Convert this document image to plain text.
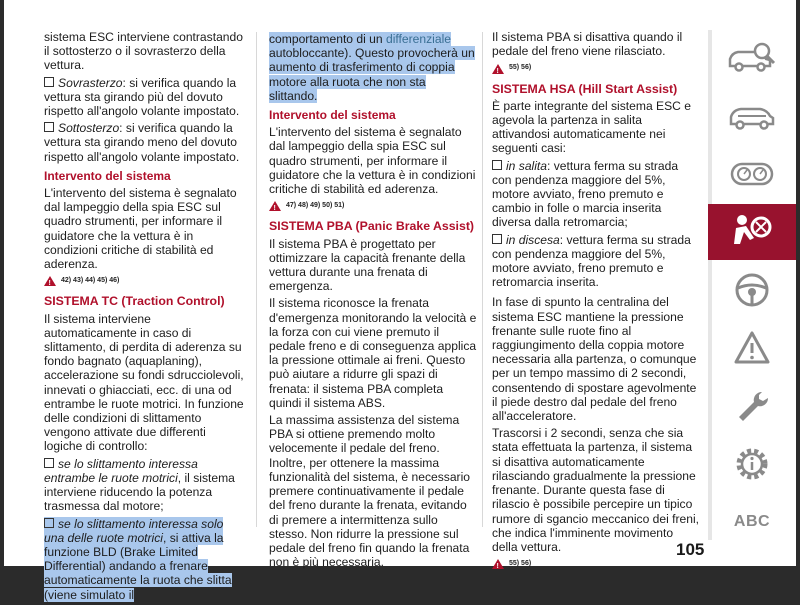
sistema ESC interviene contrastando il sottosterzo o il sovrasterzo della vettura.

Sovrasterzo: si verifica quando la vettura sta girando più del dovuto rispetto all'angolo volante impostato.

Sottosterzo: si verifica quando la vettura sta girando meno del dovuto rispetto all'angolo volante impostato.

Intervento del sistema

L'intervento del sistema è segnalato dal lampeggio della spia ESC sul quadro strumenti, per informare il guidatore che la vettura è in condizioni critiche di stabilità ed aderenza.

!
42) 43) 44) 45) 46)
SISTEMA TC (Traction Control)

Il sistema interviene automaticamente in caso di slittamento, di perdita di aderenza su fondo bagnato (aquaplaning), accelerazione su fondi sdrucciolevoli, innevati o ghiacciati, ecc. di una od entrambe le ruote motrici. In funzione delle condizioni di slittamento vengono attivate due differenti logiche di controllo:

se lo slittamento interessa entrambe le ruote motrici, il sistema interviene riducendo la potenza trasmessa dal motore;

se lo slittamento interessa solo una delle ruote motrici, si attiva la funzione BLD (Brake Limited Differential) andando a frenare automaticamente la ruota che slitta (viene simulato il

comportamento di un differenziale autobloccante). Questo provocherà un aumento di trasferimento di coppia motore alla ruota che non sta slittando.

Intervento del sistema

L'intervento del sistema è segnalato dal lampeggio della spia ESC sul quadro strumenti, per informare il guidatore che la vettura è in condizioni critiche di stabilità ed aderenza.

!
47) 48) 49) 50) 51)
SISTEMA PBA (Panic Brake Assist)

Il sistema PBA è progettato per ottimizzare la capacità frenante della vettura durante una frenata di emergenza.

Il sistema riconosce la frenata d'emergenza monitorando la velocità e la forza con cui viene premuto il pedale freno e di conseguenza applica la pressione ottimale ai freni. Questo può aiutare a ridurre gli spazi di frenata: il sistema PBA completa quindi il sistema ABS.

La massima assistenza del sistema PBA si ottiene premendo molto velocemente il pedale del freno. Inoltre, per ottenere la massima funzionalità del sistema, è necessario premere continuativamente il pedale del freno durante la frenata, evitando di premere a intermittenza sullo stesso. Non ridurre la pressione sul pedale del freno fin quando la frenata non è più necessaria.

Il sistema PBA si disattiva quando il pedale del freno viene rilasciato.

!
55) 56)
SISTEMA HSA (Hill Start Assist)

È parte integrante del sistema ESC e agevola la partenza in salita attivandosi automaticamente nei seguenti casi:

in salita: vettura ferma su strada con pendenza maggiore del 5%, motore avviato, freno premuto e cambio in folle o marcia inserita diversa dalla retromarcia;

in discesa: vettura ferma su strada con pendenza maggiore del 5%, motore avviato, freno premuto e retromarcia inserita.

In fase di spunto la centralina del sistema ESC mantiene la pressione frenante sulle ruote fino al raggiungimento della coppia motore necessaria alla partenza, o comunque per un tempo massimo di 2 secondi, consentendo di spostare agevolmente il piede destro dal pedale del freno all'acceleratore.

Trascorsi i 2 secondi, senza che sia stata effettuata la partenza, il sistema si disattiva automaticamente rilasciando gradualmente la pressione frenante. Durante questa fase di rilascio è possibile percepire un tipico rumore di sgancio meccanico dei freni, che indica l'imminente movimento della vettura.

!
55) 56)
ABC
105
